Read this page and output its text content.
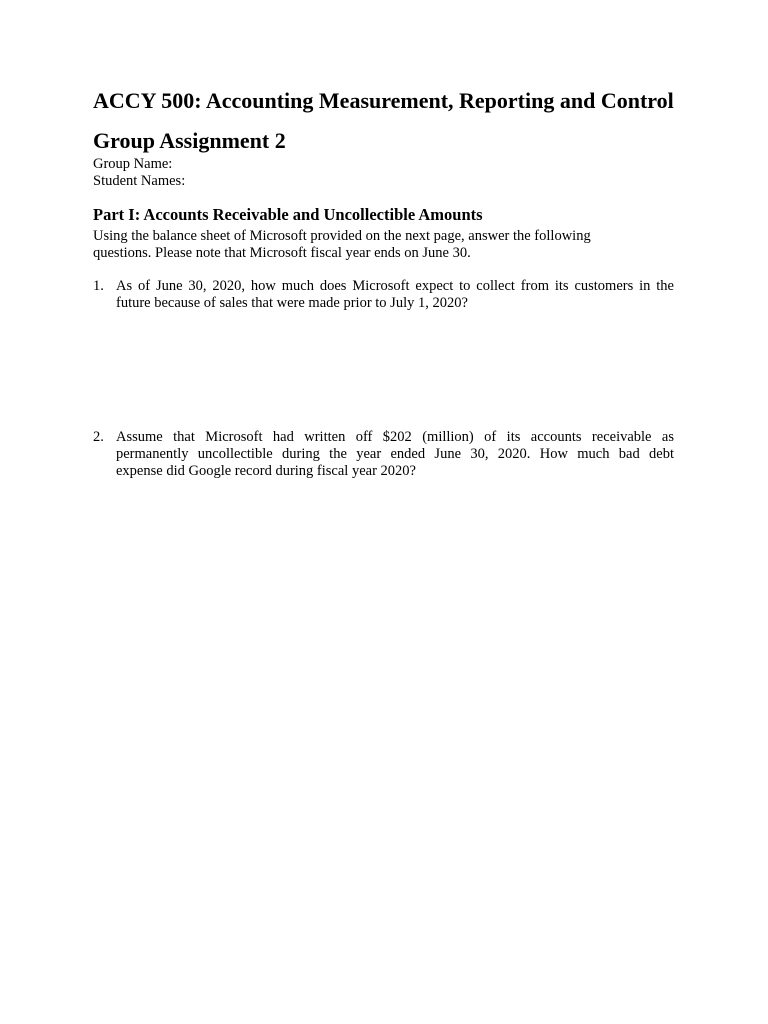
ACCY 500: Accounting Measurement, Reporting and Control
Group Assignment 2
Group Name:
Student Names:
Part I: Accounts Receivable and Uncollectible Amounts
Using the balance sheet of Microsoft provided on the next page, answer the following
questions. Please note that Microsoft fiscal year ends on June 30.
1. As of June 30, 2020, how much does Microsoft expect to collect from its customers in the
future because of sales that were made prior to July 1, 2020?
2. Assume that Microsoft had written off $202 (million) of its accounts receivable as
permanently uncollectible during the year ended June 30, 2020. How much bad debt
expense did Google record during fiscal year 2020?
